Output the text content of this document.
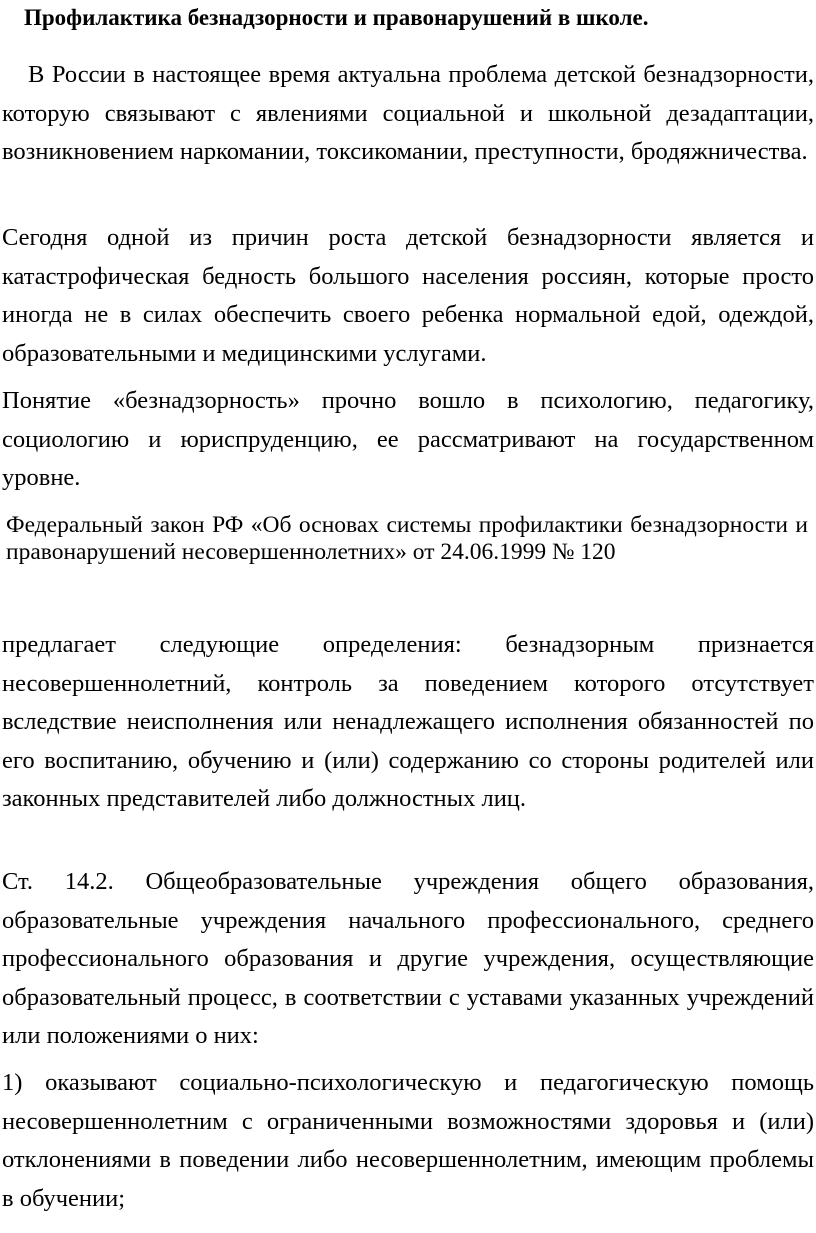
Профилактика безнадзорности и правонарушений в школе.

В России в настоящее время актуальна проблема детской безнадзорности, которую связывают с явлениями социальной и школьной дезадаптации, возникновением наркомании, токсикомании, преступности, бродяжничества.

Сегодня одной из причин роста детской безнадзорности является и катастрофическая бедность большого населения россиян, которые просто иногда не в силах обеспечить своего ребенка нормальной едой, одеждой, образовательными и медицинскими услугами.

Понятие «безнадзорность» прочно вошло в психологию, педагогику, социологию и юриспруденцию, ее рассматривают на государственном уровне.

Федеральный закон РФ «Об основах системы профилактики безнадзорности и правонарушений несовершеннолетних» от 24.06.1999 № 120

предлагает следующие определения: безнадзорным признается несовершеннолетний, контроль за поведением которого отсутствует вследствие неисполнения или ненадлежащего исполнения обязанностей по его воспитанию, обучению и (или) содержанию со стороны родителей или законных представителей либо должностных лиц.

Ст. 14.2. Общеобразовательные учреждения общего образования, образовательные учреждения начального профессионального, среднего профессионального образования и другие учреждения, осуществляющие образовательный процесс, в соответствии с уставами указанных учреждений или положениями о них:

1) оказывают социально-психологическую и педагогическую помощь несовершеннолетним с ограниченными возможностями здоровья и (или) отклонениями в поведении либо несовершеннолетним, имеющим проблемы в обучении;
